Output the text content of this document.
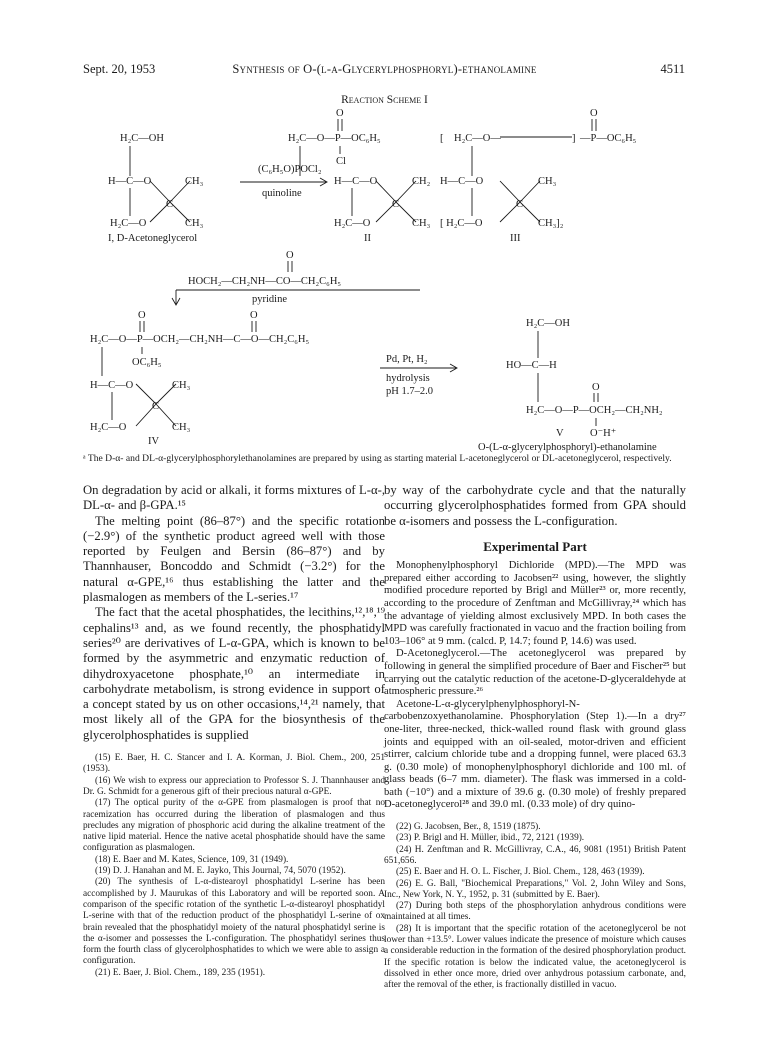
Sept. 20, 1953	Synthesis of O-(l-α-Glycerylphosphoryl)-ethanolamine	4511
Reaction Scheme I
H₂C—OH
H—C—O
H₂C—O
CH₃
CH₃
C
I, D-Acetoneglycerol
(C₆H₅O)POCl₂
quinoline
O
H₂C—O—P—OC₆H₅
Cl
H—C—O
H₂C—O
CH₂
CH₃
C
II
[ H₂C—O—	] —P—OC₆H₅
O
H—C—O
[ H₂C—O
CH₃
CH₃]₂
C
III
O
HOCH₂—CH₂NH—CO—CH₂C₆H₅
pyridine
O	O
H₂C—O—P—OCH₂—CH₂NH—C—O—CH₂C₆H₅
OC₆H₅
H—C—O
H₂C—O
CH₃
CH₃
C
IV
Pd, Pt, H₂
hydrolysis
pH 1.7–2.0
H₂C—OH
HO—C—H
O
H₂C—O—P—OCH₂—CH₂NH₂
O⁻H⁺
V
O-(L-α-glycerylphosphoryl)-ethanolamine
ᵃ The D-α- and DL-α-glycerylphosphorylethanolamines are prepared by using as starting material L-acetoneglycerol or DL-acetoneglycerol, respectively.

On degradation by acid or alkali, it forms mixtures of L-α-, DL-α- and β-GPA.¹⁵

The melting point (86–87°) and the specific rotation (−2.9°) of the synthetic product agreed well with those reported by Feulgen and Bersin (86–87°) and by Thannhauser, Boncoddo and Schmidt (−3.2°) for the natural α-GPE,¹⁶ thus establishing the latter and the plasmalogen as members of the L-series.¹⁷

The fact that the acetal phosphatides, the lecithins,¹²,¹⁸,¹⁹ cephalins¹³ and, as we found recently, the phosphatidyl series²⁰ are derivatives of L-α-GPA, which is known to be formed by the asymmetric and enzymatic reduction of dihydroxyacetone phosphate,¹⁰ an intermediate in carbohydrate metabolism, is strong evidence in support of a concept stated by us on other occasions,¹⁴,²¹ namely, that most likely all of the GPA for the biosynthesis of the glycerolphosphatides is supplied

(15) E. Baer, H. C. Stancer and I. A. Korman, J. Biol. Chem., 200, 251 (1953).
(16) We wish to express our appreciation to Professor S. J. Thannhauser and Dr. G. Schmidt for a generous gift of their precious natural α-GPE.
(17) The optical purity of the α-GPE from plasmalogen is proof that no racemization has occurred during the liberation of plasmalogen and thus precludes any migration of phosphoric acid during the alkaline treatment of the native lipid material. Hence the native acetal phosphatide should have the same configuration as plasmalogen.
(18) E. Baer and M. Kates, Science, 109, 31 (1949).
(19) D. J. Hanahan and M. E. Jayko, This Journal, 74, 5070 (1952).
(20) The synthesis of L-α-distearoyl phosphatidyl L-serine has been accomplished by J. Maurukas of this Laboratory and will be reported soon. A comparison of the specific rotation of the synthetic L-α-distearoyl phosphatidyl L-serine with that of the reduction product of the phosphatidyl L-serine of ox brain revealed that the phosphatidyl moiety of the natural phosphatidyl serine is the α-isomer and possesses the L-configuration. The phosphatidyl serines thus form the fourth class of glycerolphosphatides to which we were able to assign a configuration.
(21) E. Baer, J. Biol. Chem., 189, 235 (1951).

by way of the carbohydrate cycle and that the naturally occurring glycerolphosphatides formed from GPA should be α-isomers and possess the L-configuration.

Experimental Part

Monophenylphosphoryl Dichloride (MPD).—The MPD was prepared either according to Jacobsen²² using, however, the slightly modified procedure reported by Brigl and Müller²³ or, more recently, according to the procedure of Zenftman and McGillivray,²⁴ which has the advantage of yielding almost exclusively MPD. In both cases the MPD was carefully fractionated in vacuo and the fraction boiling from 103–106° at 9 mm. (calcd. P, 14.7; found P, 14.6) was used.

D-Acetoneglycerol.—The acetoneglycerol was prepared by following in general the simplified procedure of Baer and Fischer²⁵ but carrying out the catalytic reduction of the acetone-D-glyceraldehyde at atmospheric pressure.²⁶

Acetone-L-α-glycerylphenylphosphoryl-N-carbobenzoxyethanolamine. Phosphorylation (Step 1).—In a dry²⁷ one-liter, three-necked, thick-walled round flask with ground glass joints and equipped with an oil-sealed, motor-driven and efficient stirrer, calcium chloride tube and a dropping funnel, were placed 63.3 g. (0.30 mole) of monophenylphosphoryl dichloride and 100 ml. of glass beads (6–7 mm. diameter). The flask was immersed in a cold-bath (−10°) and a mixture of 39.6 g. (0.30 mole) of freshly prepared D-acetoneglycerol²⁸ and 39.0 ml. (0.33 mole) of dry quino-

(22) G. Jacobsen, Ber., 8, 1519 (1875).
(23) P. Brigl and H. Müller, ibid., 72, 2121 (1939).
(24) H. Zenftman and R. McGillivray, C.A., 46, 9081 (1951) British Patent 651,656.
(25) E. Baer and H. O. L. Fischer, J. Biol. Chem., 128, 463 (1939).
(26) E. G. Ball, "Biochemical Preparations," Vol. 2, John Wiley and Sons, Inc., New York, N. Y., 1952, p. 31 (submitted by E. Baer).
(27) During both steps of the phosphorylation anhydrous conditions were maintained at all times.
(28) It is important that the specific rotation of the acetoneglycerol be not lower than +13.5°. Lower values indicate the presence of moisture which causes a considerable reduction in the formation of the desired phosphorylation product. If the specific rotation is below the indicated value, the acetoneglycerol is dissolved in ether once more, dried over anhydrous potassium carbonate, and, after the removal of the ether, is fractionally distilled in vacuo.
